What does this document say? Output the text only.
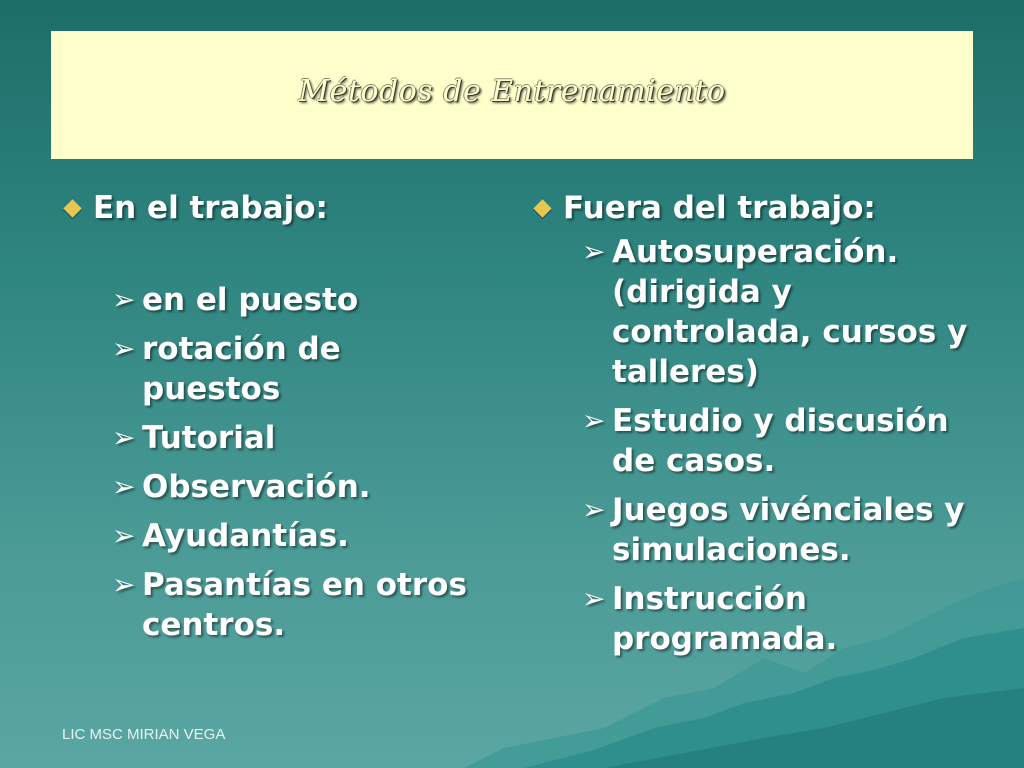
Métodos de Entrenamiento
En el trabajo:
➢ en el puesto
➢ rotación de puestos
➢ Tutorial
➢ Observación.
➢ Ayudantías.
➢ Pasantías en otros centros.
Fuera del trabajo:
➢ Autosuperación. (dirigida y controlada, cursos y talleres)
➢ Estudio y discusión de casos.
➢ Juegos vivénciales y simulaciones.
➢ Instrucción programada.
LIC MSC MIRIAN VEGA
